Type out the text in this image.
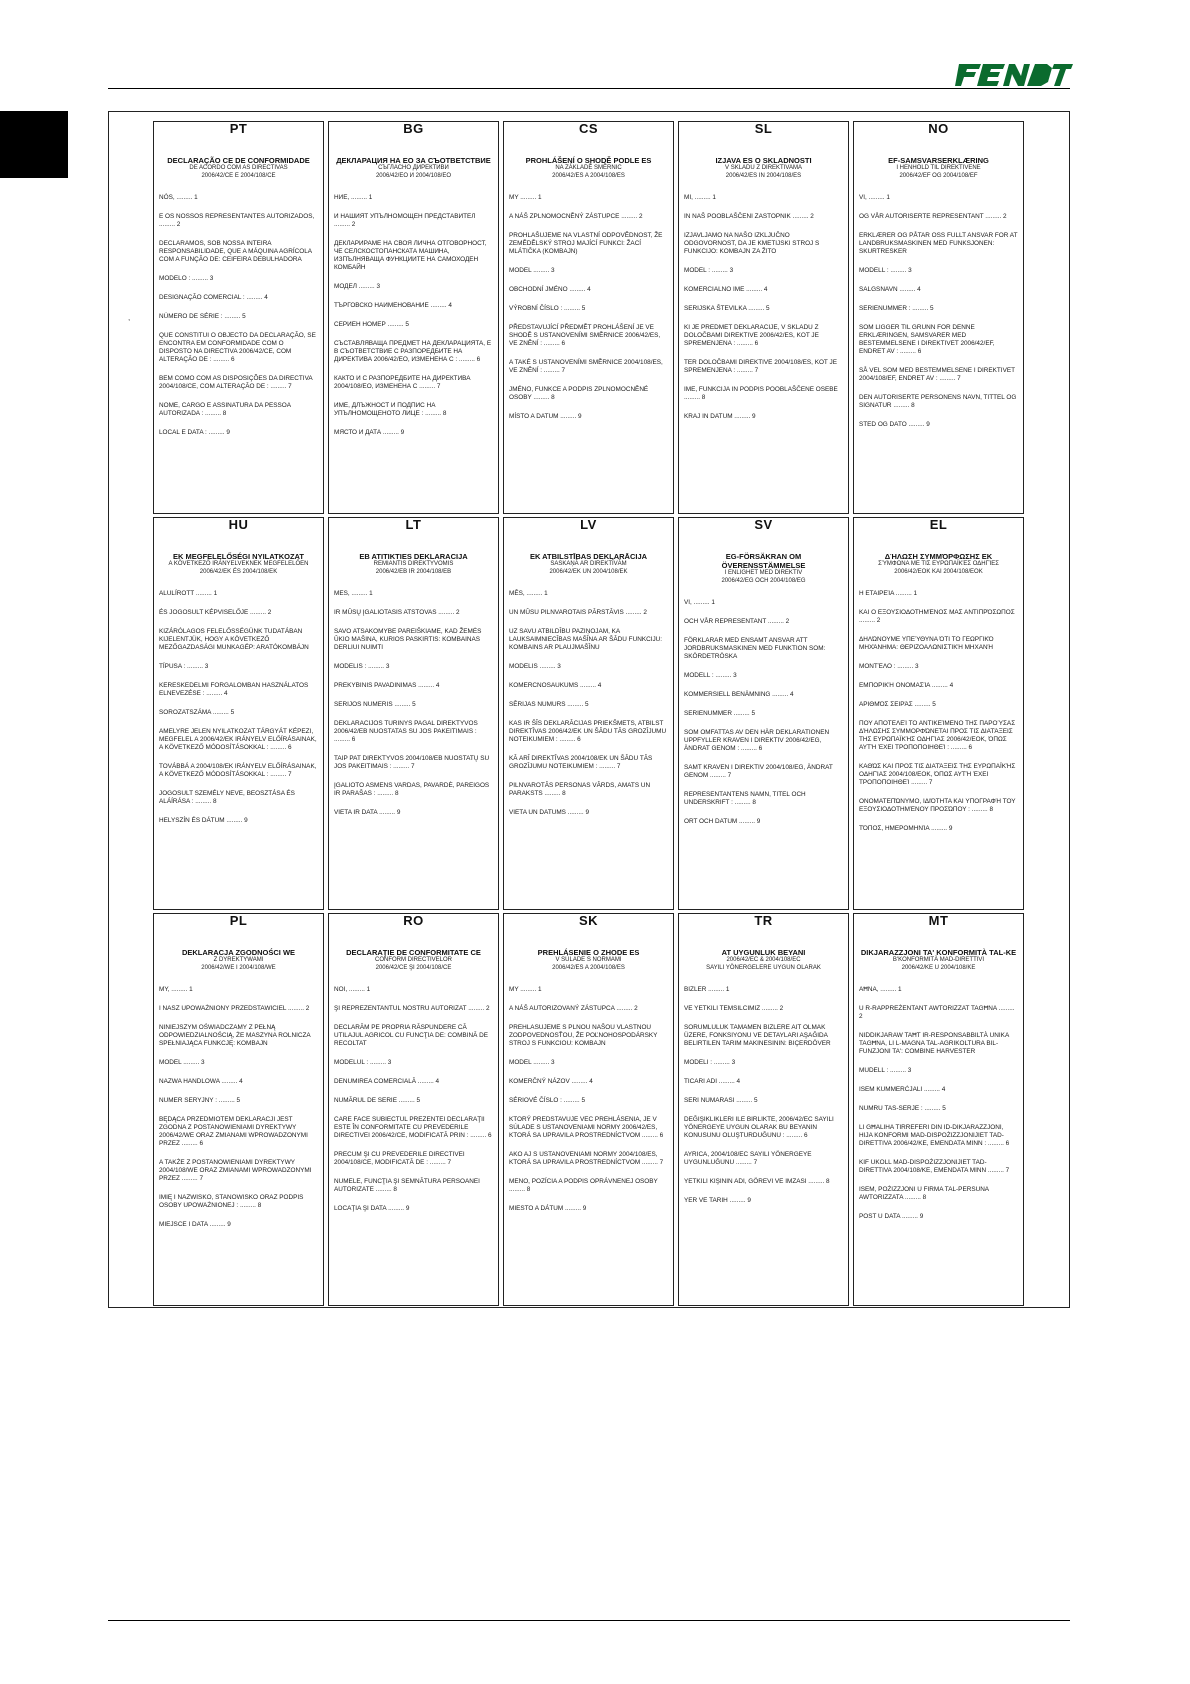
PT
DECLARAÇÃO CE DE CONFORMIDADE
DE ACORDO COM AS DIRECTIVAS
2006/42/CE E 2004/108/CE
NÓS, ......... 1
E OS NOSSOS REPRESENTANTES AUTORIZADOS, ......... 2
DECLARAMOS, SOB NOSSA INTEIRA RESPONSABILIDADE, QUE A MÁQUINA AGRÍCOLA COM A FUNÇÃO DE: CEIFEIRA DEBULHADORA
MODELO : ......... 3
DESIGNAÇÃO COMERCIAL : ......... 4
NÚMERO DE SÉRIE : ......... 5
QUE CONSTITUI O OBJECTO DA DECLARAÇÃO, SE ENCONTRA EM CONFORMIDADE COM O DISPOSTO NA DIRECTIVA 2006/42/CE, COM ALTERAÇÃO DE : ......... 6
BEM COMO COM AS DISPOSIÇÕES DA DIRECTIVA 2004/108/CE, COM ALTERAÇÃO DE : ......... 7
NOME, CARGO E ASSINATURA DA PESSOA AUTORIZADA : ......... 8
LOCAL E DATA : ......... 9
BG
ДЕКЛАРАЦИЯ НА ЕО ЗА СЪОТВЕТСТВИЕ
СЪГЛАСНО ДИРЕКТИВИ
2006/42/ЕО И 2004/108/ЕО
НИЕ, ......... 1
И НАШИЯТ УПЪЛНОМОЩЕН ПРЕДСТАВИТЕЛ ......... 2
ДЕКЛАРИРАМЕ НА СВОЯ ЛИЧНА ОТГОВОРНОСТ, ЧЕ СЕЛСКОСТОПАНСКАТА МАШИНА, ИЗПЪЛНЯВАЩА ФУНКЦИИТЕ НА САМОХОДЕН КОМБАЙН
МОДЕЛ ......... 3
ТЪРГОВСКО НАИМЕНОВАНИЕ ......... 4
СЕРИЕН НОМЕР ......... 5
СЪСТАВЛЯВАЩА ПРЕДМЕТ НА ДЕКЛАРАЦИЯТА, Е В СЪОТВЕТСТВИЕ С РАЗПОРЕДБИТЕ НА ДИРЕКТИВА 2006/42/ЕО, ИЗМЕНЕНА С : ......... 6
КАКТО И С РАЗПОРЕДБИТЕ НА ДИРЕКТИВА 2004/108/ЕО, ИЗМЕНЕНА С ......... 7
ИМЕ, ДЛЪЖНОСТ И ПОДПИС НА УПЪЛНОМОЩЕНОТО ЛИЦЕ : ......... 8
МЯСТО И ДАТА ......... 9
CS
PROHLÁŠENÍ O SHODĚ PODLE ES
NA ZÁKLADĚ SMĚRNIC
2006/42/ES A 2004/108/ES
MY ......... 1
A NÁŠ ZPLNOMOCNĚNÝ ZÁSTUPCE ......... 2
PROHLAŠUJEME NA VLASTNÍ ODPOVĚDNOST, ŽE ZEMĚDĚLSKÝ STROJ MAJÍCÍ FUNKCI: ŽACÍ MLÁTIČKA (KOMBAJN)
MODEL ......... 3
OBCHODNÍ JMÉNO ......... 4
VÝROBNÍ ČÍSLO : ......... 5
PŘEDSTAVUJÍCÍ PŘEDMĚT PROHLÁŠENÍ JE VE SHODĚ S USTANOVENÍMI SMĚRNICE 2006/42/ES, VE ZNĚNÍ : ......... 6
A TAKÉ S USTANOVENÍMI SMĚRNICE 2004/108/ES, VE ZNĚNÍ : ......... 7
JMÉNO, FUNKCE A PODPIS ZPLNOMOCNĚNÉ OSOBY ......... 8
MÍSTO A DATUM ......... 9
SL
IZJAVA ES O SKLADNOSTI
V SKLADU Z DIREKTIVAMA
2006/42/ES IN 2004/108/ES
MI, ......... 1
IN NAŠ POOBLAŠČENI ZASTOPNIK ......... 2
IZJAVLJAMO NA NAŠO IZKLJUČNO ODGOVORNOST, DA JE KMETIJSKI STROJ S FUNKCIJO: KOMBAJN ZA ŽITO
MODEL : ......... 3
KOMERCIALNO IME ......... 4
SERIJSKA ŠTEVILKA ......... 5
KI JE PREDMET DEKLARACIJE, V SKLADU Z DOLOČBAMI DIREKTIVE 2006/42/ES, KOT JE SPREMENJENA : ......... 6
TER DOLOČBAMI DIREKTIVE 2004/108/ES, KOT JE SPREMENJENA : ......... 7
IME, FUNKCIJA IN PODPIS POOBLAŠČENE OSEBE ......... 8
KRAJ IN DATUM ......... 9
NO
EF-SAMSVARSERKLÆRING
I HENHOLD TIL DIREKTIVENE
2006/42/EF OG 2004/108/EF
VI, ......... 1
OG VÅR AUTORISERTE REPRESENTANT ......... 2
ERKLÆRER OG PÅTAR OSS FULLT ANSVAR FOR AT LANDBRUKSMASKINEN MED FUNKSJONEN: SKURTRESKER
MODELL : ......... 3
SALGSNAVN ......... 4
SERIENUMMER : ......... 5
SOM LIGGER TIL GRUNN FOR DENNE ERKLÆRINGEN, SAMSVARER MED BESTEMMELSENE I DIREKTIVET 2006/42/EF, ENDRET AV : ......... 6
SÅ VEL SOM MED BESTEMMELSENE I DIREKTIVET 2004/108/EF, ENDRET AV : ......... 7
DEN AUTORISERTE PERSONENS NAVN, TITTEL OG SIGNATUR ......... 8
STED OG DATO ......... 9
HU
EK MEGFELELŐSÉGI NYILATKOZAT
A KÖVETKEZŐ IRÁNYELVEKNEK MEGFELELŐEN
2006/42/EK ÉS 2004/108/EK
ALULÍROTT ......... 1
ÉS JOGOSULT KÉPVISELŐJE ......... 2
KIZÁRÓLAGOS FELELŐSSÉGÜNK TUDATÁBAN KIJELENTJÜK, HOGY A KÖVETKEZŐ MEZŐGAZDASÁGI MUNKAGÉP: ARATÓKOMBÁJN
TÍPUSA : ......... 3
KERESKEDELMI FORGALOMBAN HASZNÁLATOS ELNEVEZÉSE : ......... 4
SOROZATSZÁMA ......... 5
AMELYRE JELEN NYILATKOZAT TÁRGYÁT KÉPEZI, MEGFELEL A 2006/42/EK IRÁNYELV ELŐÍRÁSAINAK, A KÖVETKEZŐ MÓDOSÍTÁSOKKAL : ......... 6
TOVÁBBÁ A 2004/108/EK IRÁNYELV ELŐÍRÁSAINAK, A KÖVETKEZŐ MÓDOSÍTÁSOKKAL : ......... 7
JOGOSULT SZEMÉLY NEVE, BEOSZTÁSA ÉS ALÁÍRÁSA : ......... 8
HELYSZÍN ÉS DÁTUM ......... 9
LT
EB ATITIKTIES DEKLARACIJA
REMIANTIS DIREKTYVOMIS
2006/42/EB IR 2004/108/EB
MES, ......... 1
IR MŪSŲ ĮGALIOTASIS ATSTOVAS ......... 2
SAVO ATSAKOMYBE PAREIŠKIAME, KAD ŽEMĖS ŪKIO MAŠINA, KURIOS PASKIRTIS: KOMBAINAS DERLIUI NUIMTI
MODELIS : ......... 3
PREKYBINIS PAVADINIMAS ......... 4
SERIJOS NUMERIS ......... 5
DEKLARACIJOS TURINYS PAGAL DIREKTYVOS 2006/42/EB NUOSTATAS SU JOS PAKEITIMAIS : ......... 6
TAIP PAT DIREKTYVOS 2004/108/EB NUOSTATŲ SU JOS PAKEITIMAIS : ......... 7
ĮGALIOTO ASMENS VARDAS, PAVARDĖ, PAREIGOS IR PARAŠAS : ......... 8
VIETA IR DATA ......... 9
LV
EK ATBILSTĪBAS DEKLARĀCIJA
SASKAŅĀ AR DIREKTĪVĀM
2006/42/EK UN 2004/108/EK
MĒS, ......... 1
UN MŪSU PILNVAROTAIS PĀRSTĀVIS ......... 2
UZ SAVU ATBILDĪBU PAZIŅOJAM, KA LAUKSAIMNIECĪBAS MAŠĪNA AR ŠĀDU FUNKCIJU: KOMBAINS AR PLAUJMAŠĪNU
MODELIS ......... 3
KOMERCNOSAUKUMS ......... 4
SĒRIJAS NUMURS ......... 5
KAS IR ŠĪS DEKLARĀCIJAS PRIEKŠMETS, ATBILST DIREKTĪVAS 2006/42/EK UN ŠĀDU TĀS GROZĪJUMU NOTEIKUMIEM : ......... 6
KĀ ARĪ DIREKTĪVAS 2004/108/EK UN ŠĀDU TĀS GROZĪJUMU NOTEIKUMIEM : ......... 7
PILNVAROTĀS PERSONAS VĀRDS, AMATS UN PARAKSTS ......... 8
VIETA UN DATUMS ......... 9
SV
EG-FÖRSÄKRAN OM ÖVERENSSTÄMMELSE
I ENLIGHET MED DIREKTIV
2006/42/EG OCH 2004/108/EG
VI, ......... 1
OCH VÅR REPRESENTANT ......... 2
FÖRKLARAR MED ENSAMT ANSVAR ATT JORDBRUKSMASKINEN MED FUNKTION SOM: SKÖRDETRÖSKA
MODELL : ......... 3
KOMMERSIELL BENÄMNING ......... 4
SERIENUMMER ......... 5
SOM OMFATTAS AV DEN HÄR DEKLARATIONEN UPPFYLLER KRAVEN I DIREKTIV 2006/42/EG, ÄNDRAT GENOM : ......... 6
SAMT KRAVEN I DIREKTIV 2004/108/EG, ÄNDRAT GENOM ......... 7
REPRESENTANTENS NAMN, TITEL OCH UNDERSKRIFT : ......... 8
ORT OCH DATUM ......... 9
EL
ΔΉΛΩΣΗ ΣΥΜΜΌΡΦΩΣΗΣ ΕΚ
ΣΎΜΦΩΝΑ ΜΕ ΤΙΣ ΕΥΡΩΠΑΪΚΈΣ ΟΔΗΓΊΕΣ
2006/42/ΕΟΚ ΚΑΙ 2004/108/ΕΟΚ
Η ΕΤΑΙΡΕΊΑ ......... 1
ΚΑΙ Ο ΕΞΟΥΣΙΟΔΟΤΗΜΈΝΟΣ ΜΑΣ ΑΝΤΙΠΡΌΣΩΠΟΣ ......... 2
ΔΗΛΏΝΟΥΜΕ ΥΠΕΎΘΥΝΑ ΌΤΙ ΤΟ ΓΕΩΡΓΙΚΌ ΜΗΧΆΝΗΜΑ: ΘΕΡΙΖΟΑΛΩΝΙΣΤΙΚΉ ΜΗΧΑΝΉ
ΜΟΝΤΈΛΟ : ......... 3
ΕΜΠΟΡΙΚΉ ΟΝΟΜΑΣΊΑ ......... 4
ΑΡΙΘΜΌΣ ΣΕΙΡΆΣ ......... 5
ΠΟΥ ΑΠΟΤΕΛΕΊ ΤΟ ΑΝΤΙΚΕΊΜΕΝΟ ΤΗΣ ΠΑΡΟΎΣΑΣ ΔΉΛΩΣΗΣ ΣΥΜΜΟΡΦΏΝΕΤΑΙ ΠΡΟΣ ΤΙΣ ΔΙΑΤΆΞΕΙΣ ΤΗΣ ΕΥΡΩΠΑΪΚΉΣ ΟΔΗΓΊΑΣ 2006/42/ΕΟΚ, ΌΠΩΣ ΑΥΤΉ ΈΧΕΙ ΤΡΟΠΟΠΟΙΗΘΕΊ : ......... 6
ΚΑΘΏΣ ΚΑΙ ΠΡΟΣ ΤΙΣ ΔΙΑΤΆΞΕΙΣ ΤΗΣ ΕΥΡΩΠΑΪΚΉΣ ΟΔΗΓΊΑΣ 2004/108/ΕΟΚ, ΌΠΩΣ ΑΥΤΉ ΈΧΕΙ ΤΡΟΠΟΠΟΙΗΘΕΊ ......... 7
ΟΝΟΜΑΤΕΠΏΝΥΜΟ, ΙΔΙΌΤΗΤΑ ΚΑΙ ΥΠΟΓΡΑΦΉ ΤΟΥ ΕΞΟΥΣΙΟΔΟΤΗΜΈΝΟΥ ΠΡΟΣΏΠΟΥ : ......... 8
ΤΌΠΟΣ, ΗΜΕΡΟΜΗΝΊΑ ......... 9
PL
DEKLARACJA ZGODNOŚCI WE
Z DYREKTYWAMI
2006/42/WE I 2004/108/WE
MY, ......... 1
I NASZ UPOWAŻNIONY PRZEDSTAWICIEL ......... 2
NINIEJSZYM OŚWIADCZAMY Z PEŁNĄ ODPOWIEDZIALNOŚCIĄ, ŻE MASZYNA ROLNICZA SPEŁNIAJĄCA FUNKCJĘ: KOMBAJN
MODEL ......... 3
NAZWA HANDLOWA ......... 4
NUMER SERYJNY : ......... 5
BĘDĄCA PRZEDMIOTEM DEKLARACJI JEST ZGODNA Z POSTANOWIENIAMI DYREKTYWY 2006/42/WE ORAZ ZMIANAMI WPROWADZONYMI PRZEZ ......... 6
A TAKŻE Z POSTANOWIENIAMI DYREKTYWY 2004/108/WE ORAZ ZMIANAMI WPROWADZONYMI PRZEZ ......... 7
IMIĘ I NAZWISKO, STANOWISKO ORAZ PODPIS OSOBY UPOWAŻNIONEJ : ......... 8
MIEJSCE I DATA ......... 9
RO
DECLARAŢIE DE CONFORMITATE CE
CONFORM DIRECTIVELOR
2006/42/CE ŞI 2004/108/CE
NOI, ......... 1
ŞI REPREZENTANTUL NOSTRU AUTORIZAT ......... 2
DECLARĂM PE PROPRIA RĂSPUNDERE CĂ UTILAJUL AGRICOL CU FUNCŢIA DE: COMBINĂ DE RECOLTAT
MODELUL : ......... 3
DENUMIREA COMERCIALĂ ......... 4
NUMĂRUL DE SERIE ......... 5
CARE FACE SUBIECTUL PREZENTEI DECLARAŢII ESTE ÎN CONFORMITATE CU PREVEDERILE DIRECTIVEI 2006/42/CE, MODIFICATĂ PRIN : ......... 6
PRECUM ŞI CU PREVEDERILE DIRECTIVEI 2004/108/CE, MODIFICATĂ DE : ......... 7
NUMELE, FUNCŢIA ŞI SEMNĂTURA PERSOANEI AUTORIZATE ......... 8
LOCAŢIA ŞI DATA ......... 9
SK
PREHLÁSENIE O ZHODE ES
V SÚLADE S NORMAMI
2006/42/ES A 2004/108/ES
MY ......... 1
A NÁŠ AUTORIZOVANÝ ZÁSTUPCA ......... 2
PREHLASUJEME S PLNOU NAŠOU VLASTNOU ZODPOVEDNOSŤOU, ŽE POĽNOHOSPODÁRSKY STROJ S FUNKCIOU: KOMBAJN
MODEL ......... 3
KOMERČNÝ NÁZOV ......... 4
SÉRIOVÉ ČÍSLO : ......... 5
KTORÝ PREDSTAVUJE VEC PREHLÁSENIA, JE V SÚLADE S USTANOVENIAMI NORMY 2006/42/ES, KTORÁ SA UPRAVILA PROSTREDNÍCTVOM ......... 6
AKO AJ S USTANOVENIAMI NORMY 2004/108/ES, KTORÁ SA UPRAVILA PROSTREDNÍCTVOM ......... 7
MENO, POZÍCIA A PODPIS OPRÁVNENEJ OSOBY ......... 8
MIESTO A DÁTUM ......... 9
TR
AT UYGUNLUK BEYANI
2006/42/EC & 2004/108/EC
SAYILI YÖNERGELERE UYGUN OLARAK
BIZLER ......... 1
VE YETKILI TEMSILCIMIZ ......... 2
SORUMLULUK TAMAMEN BIZLERE AIT OLMAK ÜZERE, FONKSIYONU VE DETAYLARI AŞAĞIDA BELIRTILEN TARIM MAKINESININ: BIÇERDÖVER
MODELI : ......... 3
TICARI ADI ......... 4
SERI NUMARASI ......... 5
DEĞIŞIKLIKLERI ILE BIRLIKTE, 2006/42/EC SAYILI YÖNERGEYE UYGUN OLARAK BU BEYANIN KONUSUNU OLUŞTURDUĞUNU : ......... 6
AYRICA, 2004/108/EC SAYILI YÖNERGEYE UYGUNLUĞUNU ......... 7
YETKILI KIŞININ ADI, GÖREVI VE IMZASI ......... 8
YER VE TARIH ......... 9
MT
DIKJARAZZJONI TA' KONFORMITÀ TAL-KE
B'KONFORMITÀ MAD-DIRETTIVI
2006/42/KE U 2004/108/KE
AĦNA, ......... 1
U R-RAPPREŻENTANT AWTORIZZAT TAGĦNA ......... 2
NIDDIKJARAW TAĦT IR-RESPONSABBILTÀ UNIKA TAGĦNA, LI L-MAGNA TAL-AGRIKOLTURA BIL-FUNZJONI TA': COMBINE HARVESTER
MUDELL : ......... 3
ISEM KUMMERĊJALI ......... 4
NUMRU TAS-SERJE : ......... 5
LI GĦALIHA TIRREFERI DIN ID-DIKJARAZZJONI, HIJA KONFORMI MAD-DISPOŻIZZJONIJIET TAD-DIRETTIVA 2006/42/KE, EMENDATA MINN : ......... 6
KIF UKOLL MAD-DISPOŻIZZJONIJIET TAD-DIRETTIVA 2004/108/KE, EMENDATA MINN ......... 7
ISEM, POŻIZZJONI U FIRMA TAL-PERSUNA AWTORIZZATA ......... 8
POST U DATA ......... 9
,
